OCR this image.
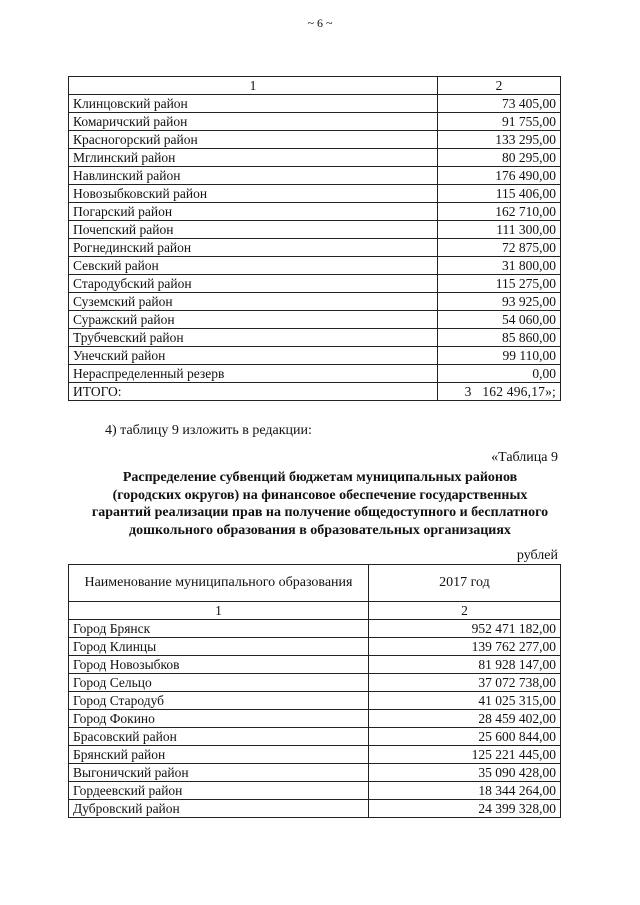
~ 6 ~
1	2
Клинцовский район	73 405,00
Комаричский район	91 755,00
Красногорский район	133 295,00
Мглинский район	80 295,00
Навлинский район	176 490,00
Новозыбковский район	115 406,00
Погарский район	162 710,00
Почепский район	111 300,00
Рогнединский район	72 875,00
Севский район	31 800,00
Стародубский район	115 275,00
Суземский район	93 925,00
Суражский район	54 060,00
Трубчевский район	85 860,00
Унечский район	99 110,00
Нераспределенный резерв	0,00
ИТОГО:	3   162 496,17»;
4) таблицу 9 изложить в редакции:
«Таблица 9
Распределение субвенций бюджетам муниципальных районов
(городских округов) на финансовое обеспечение государственных
гарантий реализации прав на получение общедоступного и бесплатного
дошкольного образования в образовательных организациях
рублей
Наименование муниципального образования	2017 год
1	2
Город Брянск	952 471 182,00
Город Клинцы	139 762 277,00
Город Новозыбков	81 928 147,00
Город Сельцо	37 072 738,00
Город Стародуб	41 025 315,00
Город Фокино	28 459 402,00
Брасовский район	25 600 844,00
Брянский район	125 221 445,00
Выгоничский район	35 090 428,00
Гордеевский район	18 344 264,00
Дубровский район	24 399 328,00
